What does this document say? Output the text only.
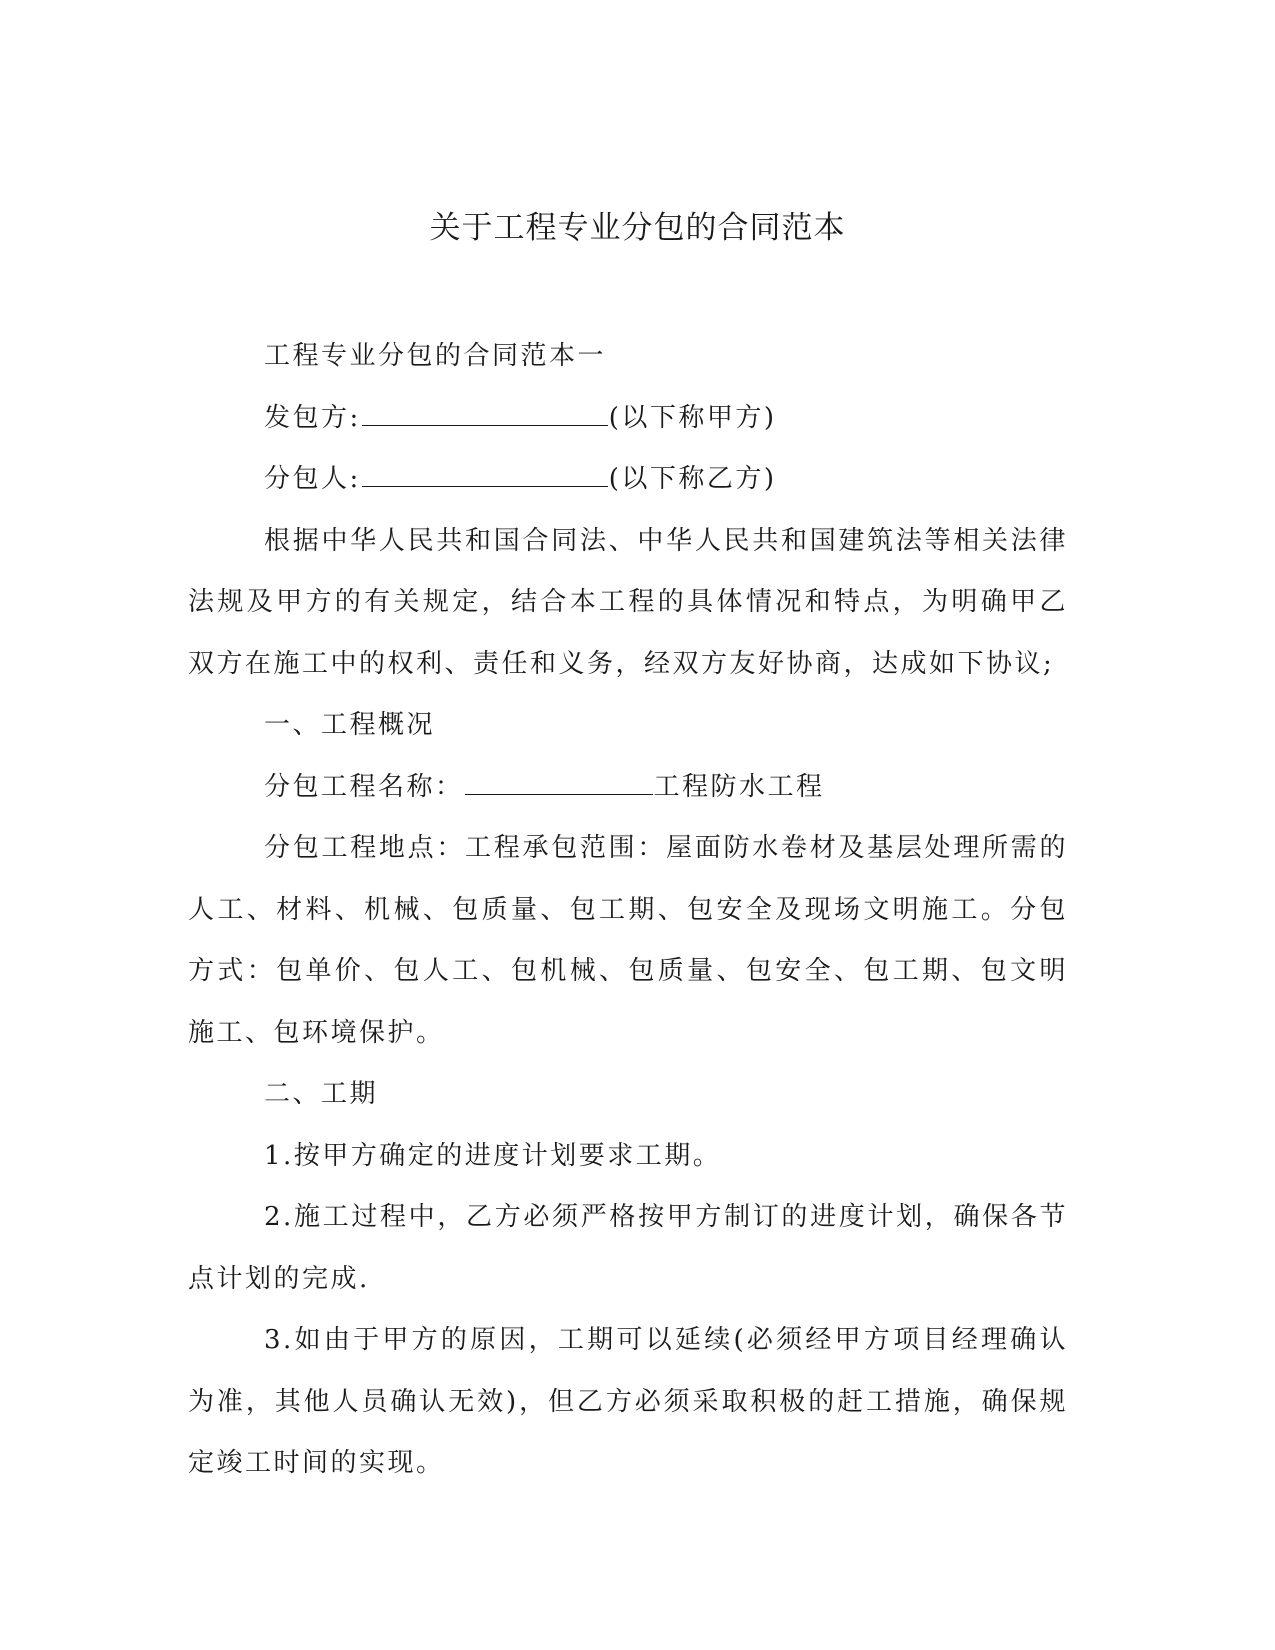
关于工程专业分包的合同范本

工程专业分包的合同范本一

发包方:	(以下称甲方)

分包人:	(以下称乙方)

根据中华人民共和国合同法、中华人民共和国建筑法等相关法律法规及甲方的有关规定，结合本工程的具体情况和特点，为明确甲乙双方在施工中的权利、责任和义务，经双方友好协商，达成如下协议;

一、工程概况

分包工程名称：	工程防水工程

分包工程地点：工程承包范围：屋面防水卷材及基层处理所需的人工、材料、机械、包质量、包工期、包安全及现场文明施工。分包方式：包单价、包人工、包机械、包质量、包安全、包工期、包文明施工、包环境保护。

二、工期

1.按甲方确定的进度计划要求工期。

2.施工过程中，乙方必须严格按甲方制订的进度计划，确保各节点计划的完成.

3.如由于甲方的原因，工期可以延续(必须经甲方项目经理确认为准，其他人员确认无效)，但乙方必须采取积极的赶工措施，确保规定竣工时间的实现。
